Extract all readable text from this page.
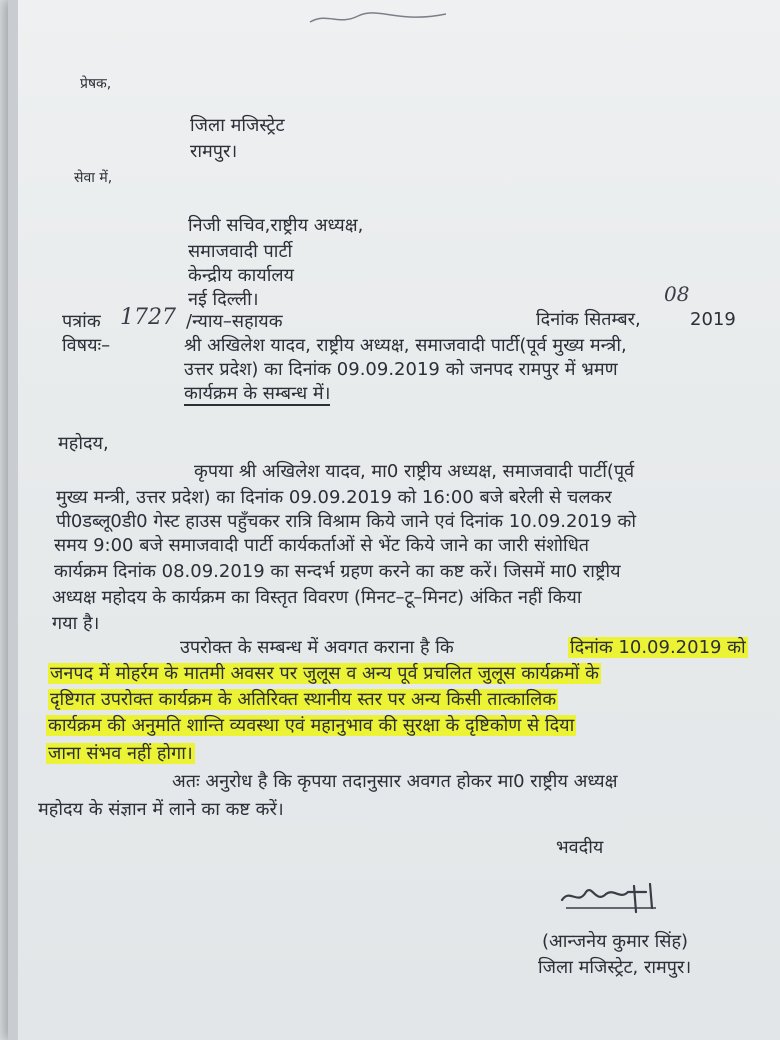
प्रेषक,
जिला मजिस्ट्रेट
रामपुर।
सेवा में,
निजी सचिव,राष्ट्रीय अध्यक्ष,
समाजवादी पार्टी
केन्द्रीय कार्यालय
नई दिल्ली।
पत्रांक 1727 /न्याय–सहायक	दिनांक सितम्बर,
08
2019
विषयः–	श्री अखिलेश यादव, राष्ट्रीय अध्यक्ष, समाजवादी पार्टी(पूर्व मुख्य मन्त्री,
उत्तर प्रदेश) का दिनांक 09.09.2019 को जनपद रामपुर में भ्रमण
कार्यक्रम के सम्बन्ध में।
महोदय,
कृपया श्री अखिलेश यादव, मा0 राष्ट्रीय अध्यक्ष, समाजवादी पार्टी(पूर्व
मुख्य मन्त्री, उत्तर प्रदेश) का दिनांक 09.09.2019 को 16:00 बजे बरेली से चलकर
पी0डब्लू0डी0 गेस्ट हाउस पहुँचकर रात्रि विश्राम किये जाने एवं दिनांक 10.09.2019 को
समय 9:00 बजे समाजवादी पार्टी कार्यकर्ताओं से भेंट किये जाने का जारी संशोधित
कार्यक्रम दिनांक 08.09.2019 का सन्दर्भ ग्रहण करने का कष्ट करें। जिसमें मा0 राष्ट्रीय
अध्यक्ष महोदय के कार्यक्रम का विस्तृत विवरण (मिनट–टू–मिनट) अंकित नहीं किया
गया है।
उपरोक्त के सम्बन्ध में अवगत कराना है कि	दिनांक 10.09.2019 को
जनपद में मोहर्रम के मातमी अवसर पर जुलूस व अन्य पूर्व प्रचलित जुलूस कार्यक्रमों के
दृष्टिगत उपरोक्त कार्यक्रम के अतिरिक्त स्थानीय स्तर पर अन्य किसी तात्कालिक
कार्यक्रम की अनुमति शान्ति व्यवस्था एवं महानुभाव की सुरक्षा के दृष्टिकोण से दिया
जाना संभव नहीं होगा।
अतः अनुरोध है कि कृपया तदानुसार अवगत होकर मा0 राष्ट्रीय अध्यक्ष
महोदय के संज्ञान में लाने का कष्ट करें।
भवदीय
(आन्जनेय कुमार सिंह)
जिला मजिस्ट्रेट, रामपुर।
